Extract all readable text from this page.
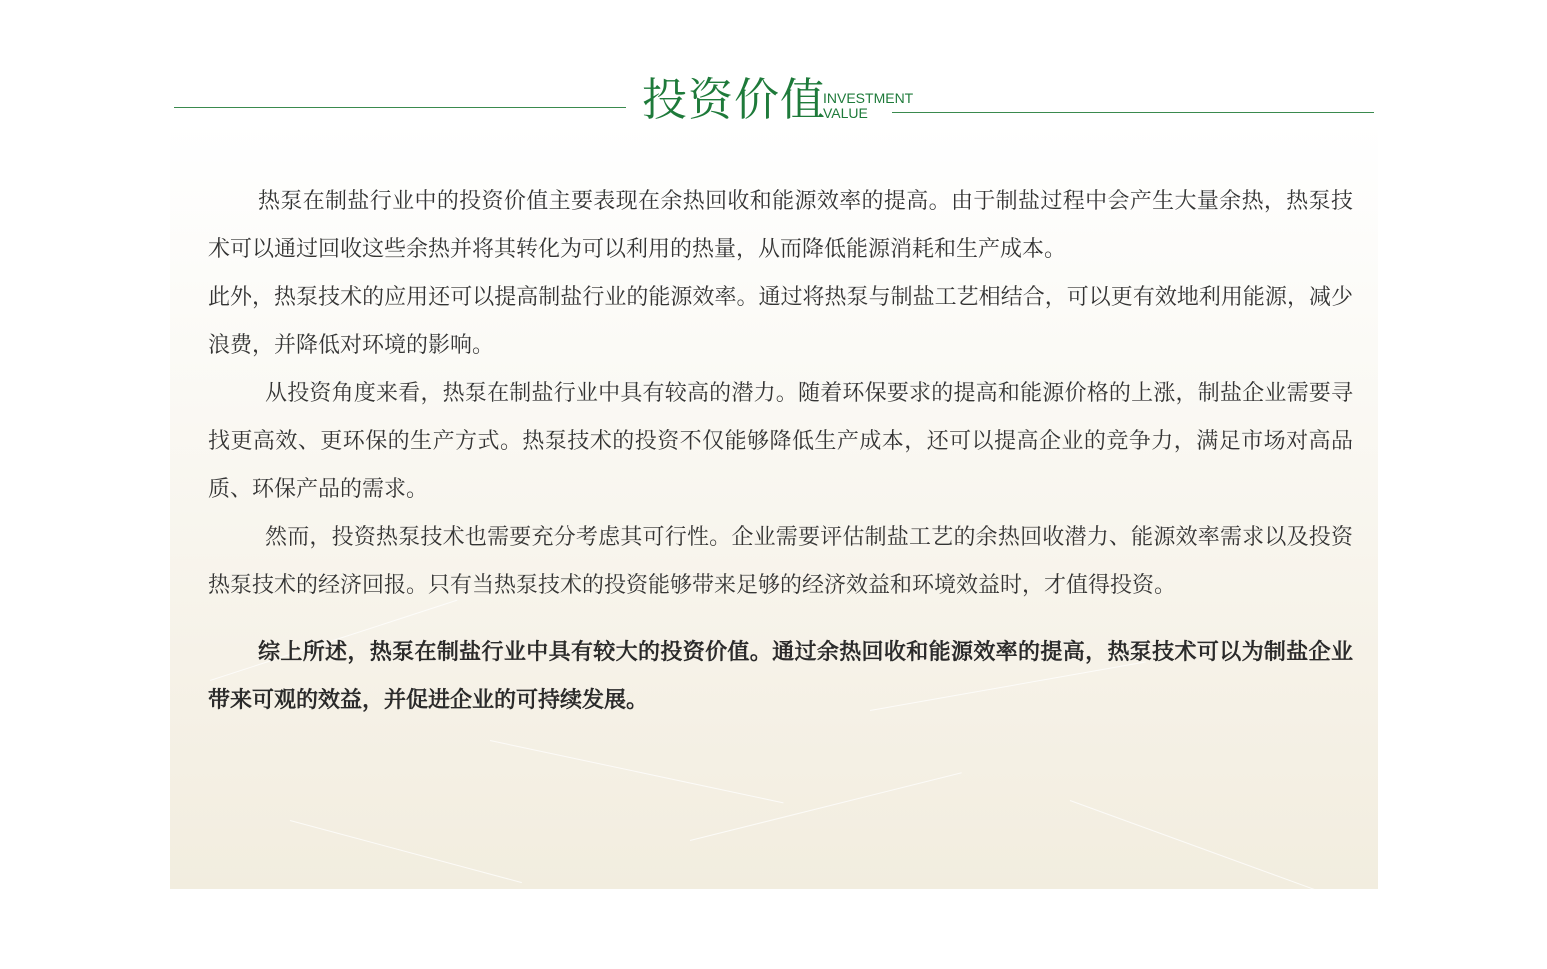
投资价值
INVESTMENT
VALUE

热泵在制盐行业中的投资价值主要表现在余热回收和能源效率的提高。由于制盐过程中会产生大量余热，热泵技术可以通过回收这些余热并将其转化为可以利用的热量，从而降低能源消耗和生产成本。

此外，热泵技术的应用还可以提高制盐行业的能源效率。通过将热泵与制盐工艺相结合，可以更有效地利用能源，减少浪费，并降低对环境的影响。

从投资角度来看，热泵在制盐行业中具有较高的潜力。随着环保要求的提高和能源价格的上涨，制盐企业需要寻找更高效、更环保的生产方式。热泵技术的投资不仅能够降低生产成本，还可以提高企业的竞争力，满足市场对高品质、环保产品的需求。

然而，投资热泵技术也需要充分考虑其可行性。企业需要评估制盐工艺的余热回收潜力、能源效率需求以及投资热泵技术的经济回报。只有当热泵技术的投资能够带来足够的经济效益和环境效益时，才值得投资。

综上所述，热泵在制盐行业中具有较大的投资价值。通过余热回收和能源效率的提高，热泵技术可以为制盐企业带来可观的效益，并促进企业的可持续发展。
